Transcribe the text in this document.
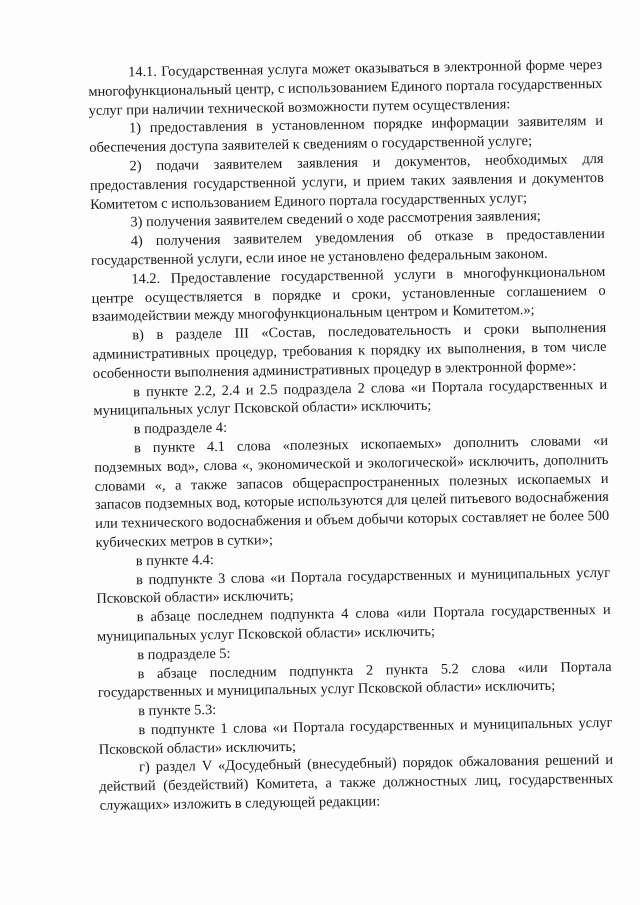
14.1. Государственная услуга может оказываться в электронной форме через многофункциональный центр, с использованием Единого портала государственных услуг при наличии технической возможности путем осуществления:

1) предоставления в установленном порядке информации заявителям и обеспечения доступа заявителей к сведениям о государственной услуге;

2) подачи заявителем заявления и документов, необходимых для предоставления государственной услуги, и прием таких заявления и документов Комитетом с использованием Единого портала государственных услуг;

3) получения заявителем сведений о ходе рассмотрения заявления;

4) получения заявителем уведомления об отказе в предоставлении государственной услуги, если иное не установлено федеральным законом.

14.2. Предоставление государственной услуги в многофункциональном центре осуществляется в порядке и сроки, установленные соглашением о взаимодействии между многофункциональным центром и Комитетом.»;

в) в разделе III «Состав, последовательность и сроки выполнения административных процедур, требования к порядку их выполнения, в том числе особенности выполнения административных процедур в электронной форме»:

в пункте 2.2, 2.4 и 2.5 подраздела 2 слова «и Портала государственных и муниципальных услуг Псковской области» исключить;

в подразделе 4:

в пункте 4.1 слова «полезных ископаемых» дополнить словами «и подземных вод», слова «, экономической и экологической» исключить, дополнить словами «, а также запасов общераспространенных полезных ископаемых и запасов подземных вод, которые используются для целей питьевого водоснабжения или технического водоснабжения и объем добычи которых составляет не более 500 кубических метров в сутки»;

в пункте 4.4:

в подпункте 3 слова «и Портала государственных и муниципальных услуг Псковской области» исключить;

в абзаце последнем подпункта 4 слова «или Портала государственных и муниципальных услуг Псковской области» исключить;

в подразделе 5:

в абзаце последним подпункта 2 пункта 5.2 слова «или Портала государственных и муниципальных услуг Псковской области» исключить;

в пункте 5.3:

в подпункте 1 слова «и Портала государственных и муниципальных услуг Псковской области» исключить;

г) раздел V «Досудебный (внесудебный) порядок обжалования решений и действий (бездействий) Комитета, а также должностных лиц, государственных служащих» изложить в следующей редакции:
